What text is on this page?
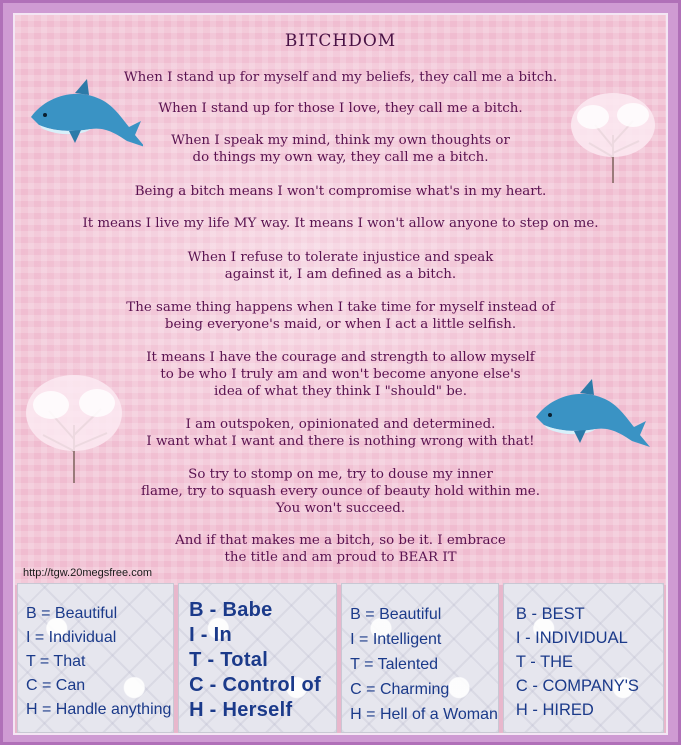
BITCHDOM
When I stand up for myself and my beliefs, they call me a bitch.
When I stand up for those I love, they call me a bitch.
When I speak my mind, think my own thoughts or
do things my own way, they call me a bitch.
Being a bitch means I won't compromise what's in my heart.
It means I live my life MY way. It means I won't allow anyone to step on me.
When I refuse to tolerate injustice and speak
against it, I am defined as a bitch.
The same thing happens when I take time for myself instead of
being everyone's maid, or when I act a little selfish.
It means I have the courage and strength to allow myself
to be who I truly am and won't become anyone else's
idea of what they think I "should" be.
I am outspoken, opinionated and determined.
I want what I want and there is nothing wrong with that!
So try to stomp on me, try to douse my inner
flame, try to squash every ounce of beauty hold within me.
You won't succeed.
And if that makes me a bitch, so be it. I embrace
the title and am proud to BEAR IT
http://tgw.20megsfree.com
B = Beautiful
I = Individual
T = That
C = Can
H = Handle anything
B - Babe
I - In
T - Total
C - Control of
H - Herself
B = Beautiful
I = Intelligent
T = Talented
C = Charming
H = Hell of a Woman
B - BEST
I - INDIVIDUAL
T - THE
C - COMPANY'S
H - HIRED
